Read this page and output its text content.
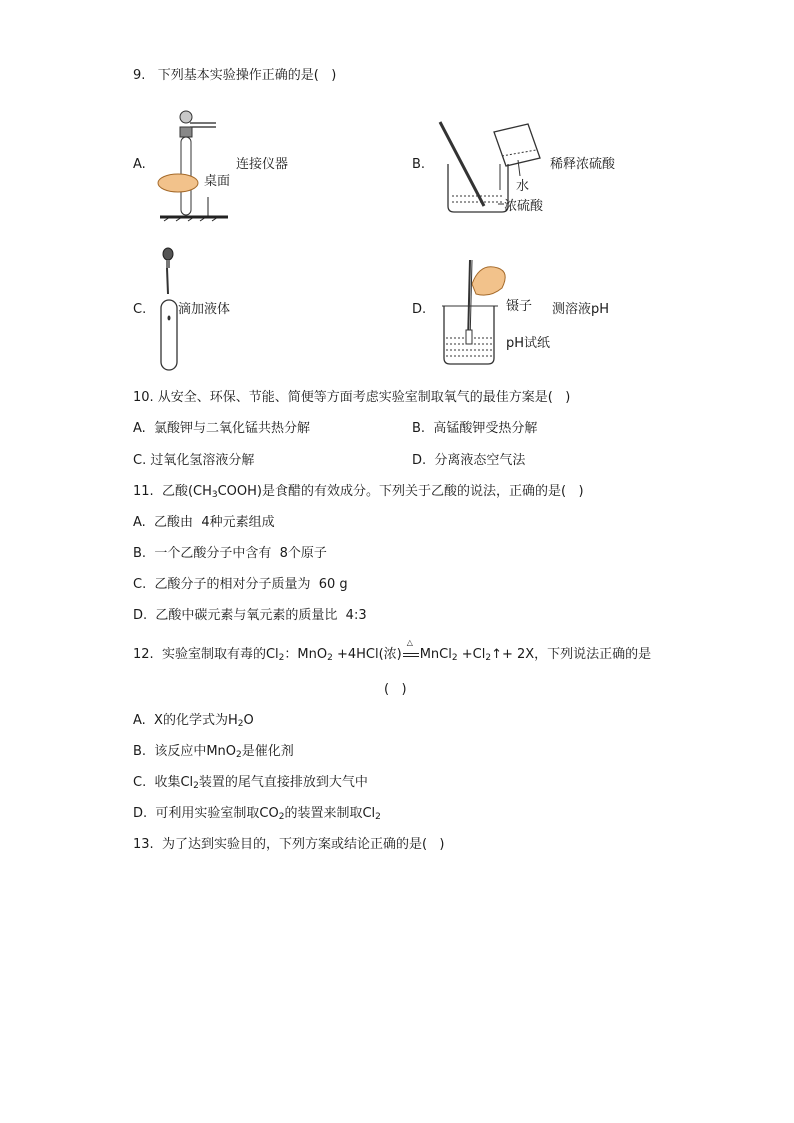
9.   下列基本实验操作正确的是(   )
A.
桌面
连接仪器	B.	稀释浓硫酸
水
浓硫酸
C. 滴加液体	D.	镊子 测溶液pH
pH试纸
10. 从安全、环保、节能、简便等方面考虑实验室制取氧气的最佳方案是(   )
A.  氯酸钾与二氧化锰共热分解	B.  高锰酸钾受热分解
C. 过氧化氢溶液分解	D.  分离液态空气法
11.  乙酸$(CH_3COOH)$是食醋的有效成分。下列关于乙酸的说法，正确的是(   )
A.  乙酸由  4种元素组成
B.  一个乙酸分子中含有  8个原子
C.  乙酸分子的相对分子质量为  60 g
D.  乙酸中碳元素与氧元素的质量比  4:3
12.  实验室制取有毒的$Cl_2$：MnO$_2$ +4HCl(浓)
△
MnCl$_2$ $+Cl_2↑+ 2X$，下列说法正确的是
(   )
A.  X的化学式为$H_2O$
B.  该反应中MnO$_2$是催化剂
C.  收集$Cl_2$装置的尾气直接排放到大气中
D.  可利用实验室制取$CO_2$的装置来制取$Cl_2$
13.  为了达到实验目的，下列方案或结论正确的是(   )
